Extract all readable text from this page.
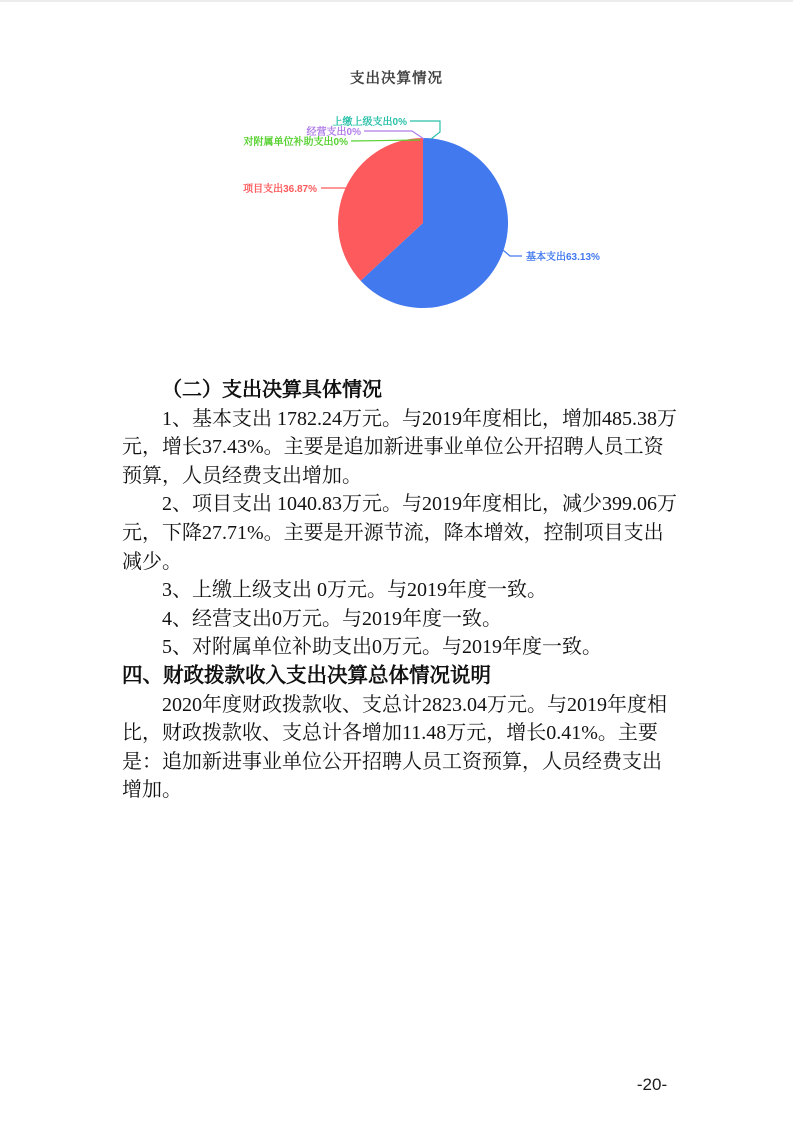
支出决算情况
基本支出63.13%
项目支出36.87%
上缴上级支出0%
经营支出0%
对附属单位补助支出0%

（二）支出决算具体情况

1、基本支出 1782.24万元。与2019年度相比，增加485.38万元，增长37.43%。主要是追加新进事业单位公开招聘人员工资预算，人员经费支出增加。

2、项目支出 1040.83万元。与2019年度相比，减少399.06万元，下降27.71%。主要是开源节流，降本增效，控制项目支出减少。

3、上缴上级支出 0万元。与2019年度一致。

4、经营支出0万元。与2019年度一致。

5、对附属单位补助支出0万元。与2019年度一致。

四、财政拨款收入支出决算总体情况说明

2020年度财政拨款收、支总计2823.04万元。与2019年度相比，财政拨款收、支总计各增加11.48万元，增长0.41%。主要是：追加新进事业单位公开招聘人员工资预算，人员经费支出增加。

-20-
